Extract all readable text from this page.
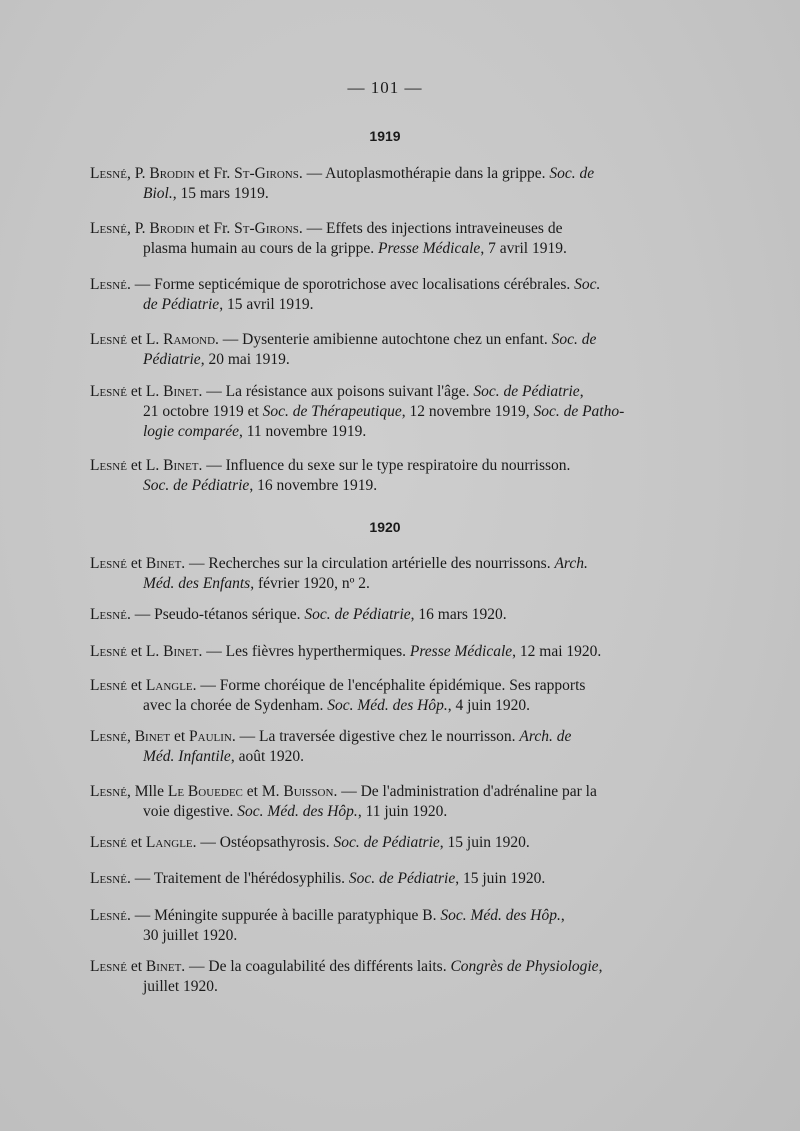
— 101 —
1919
Lesné, P. Brodin et Fr. St-Girons. — Autoplasmothérapie dans la grippe. Soc. de
Biol., 15 mars 1919.
Lesné, P. Brodin et Fr. St-Girons. — Effets des injections intraveineuses de
plasma humain au cours de la grippe. Presse Médicale, 7 avril 1919.
Lesné. — Forme septicémique de sporotrichose avec localisations cérébrales. Soc.
de Pédiatrie, 15 avril 1919.
Lesné et L. Ramond. — Dysenterie amibienne autochtone chez un enfant. Soc. de
Pédiatrie, 20 mai 1919.
Lesné et L. Binet. — La résistance aux poisons suivant l'âge. Soc. de Pédiatrie,
21 octobre 1919 et Soc. de Thérapeutique, 12 novembre 1919, Soc. de Patho-
logie comparée, 11 novembre 1919.
Lesné et L. Binet. — Influence du sexe sur le type respiratoire du nourrisson.
Soc. de Pédiatrie, 16 novembre 1919.
1920
Lesné et Binet. — Recherches sur la circulation artérielle des nourrissons. Arch.
Méd. des Enfants, février 1920, nº 2.
Lesné. — Pseudo-tétanos sérique. Soc. de Pédiatrie, 16 mars 1920.
Lesné et L. Binet. — Les fièvres hyperthermiques. Presse Médicale, 12 mai 1920.
Lesné et Langle. — Forme choréique de l'encéphalite épidémique. Ses rapports
avec la chorée de Sydenham. Soc. Méd. des Hôp., 4 juin 1920.
Lesné, Binet et Paulin. — La traversée digestive chez le nourrisson. Arch. de
Méd. Infantile, août 1920.
Lesné, Mlle Le Bouedec et M. Buisson. — De l'administration d'adrénaline par la
voie digestive. Soc. Méd. des Hôp., 11 juin 1920.
Lesné et Langle. — Ostéopsathyrosis. Soc. de Pédiatrie, 15 juin 1920.
Lesné. — Traitement de l'hérédosyphilis. Soc. de Pédiatrie, 15 juin 1920.
Lesné. — Méningite suppurée à bacille paratyphique B. Soc. Méd. des Hôp.,
30 juillet 1920.
Lesné et Binet. — De la coagulabilité des différents laits. Congrès de Physiologie,
juillet 1920.
